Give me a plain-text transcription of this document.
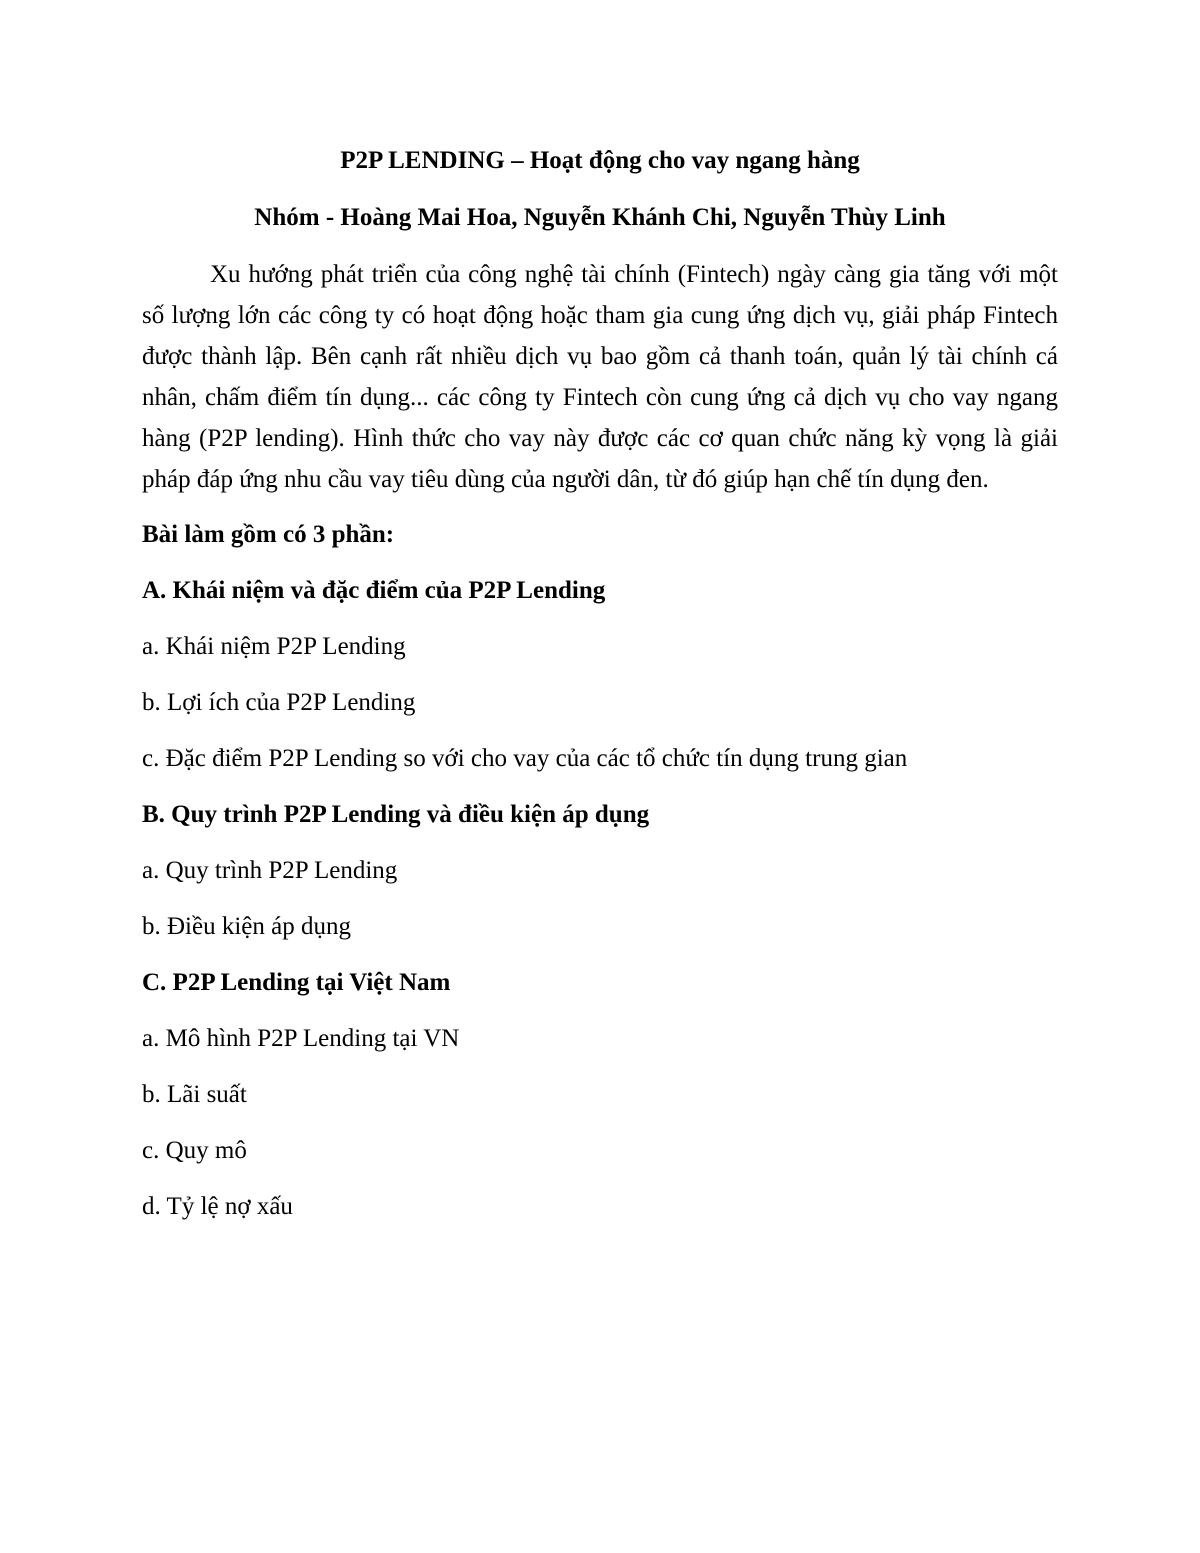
P2P LENDING – Hoạt động cho vay ngang hàng

Nhóm - Hoàng Mai Hoa, Nguyễn Khánh Chi, Nguyễn Thùy Linh

Xu hướng phát triển của công nghệ tài chính (Fintech) ngày càng gia tăng với một số lượng lớn các công ty có hoạt động hoặc tham gia cung ứng dịch vụ, giải pháp Fintech được thành lập. Bên cạnh rất nhiều dịch vụ bao gồm cả thanh toán, quản lý tài chính cá nhân, chấm điểm tín dụng... các công ty Fintech còn cung ứng cả dịch vụ cho vay ngang hàng (P2P lending). Hình thức cho vay này được các cơ quan chức năng kỳ vọng là giải pháp đáp ứng nhu cầu vay tiêu dùng của người dân, từ đó giúp hạn chế tín dụng đen.

Bài làm gồm có 3 phần:

A. Khái niệm và đặc điểm của P2P Lending

a. Khái niệm P2P Lending

b. Lợi ích của P2P Lending

c. Đặc điểm P2P Lending so với cho vay của các tổ chức tín dụng trung gian

B. Quy trình P2P Lending và điều kiện áp dụng

a. Quy trình P2P Lending

b. Điều kiện áp dụng

C. P2P Lending tại Việt Nam

a. Mô hình P2P Lending tại VN

b. Lãi suất

c. Quy mô

d. Tỷ lệ nợ xấu
